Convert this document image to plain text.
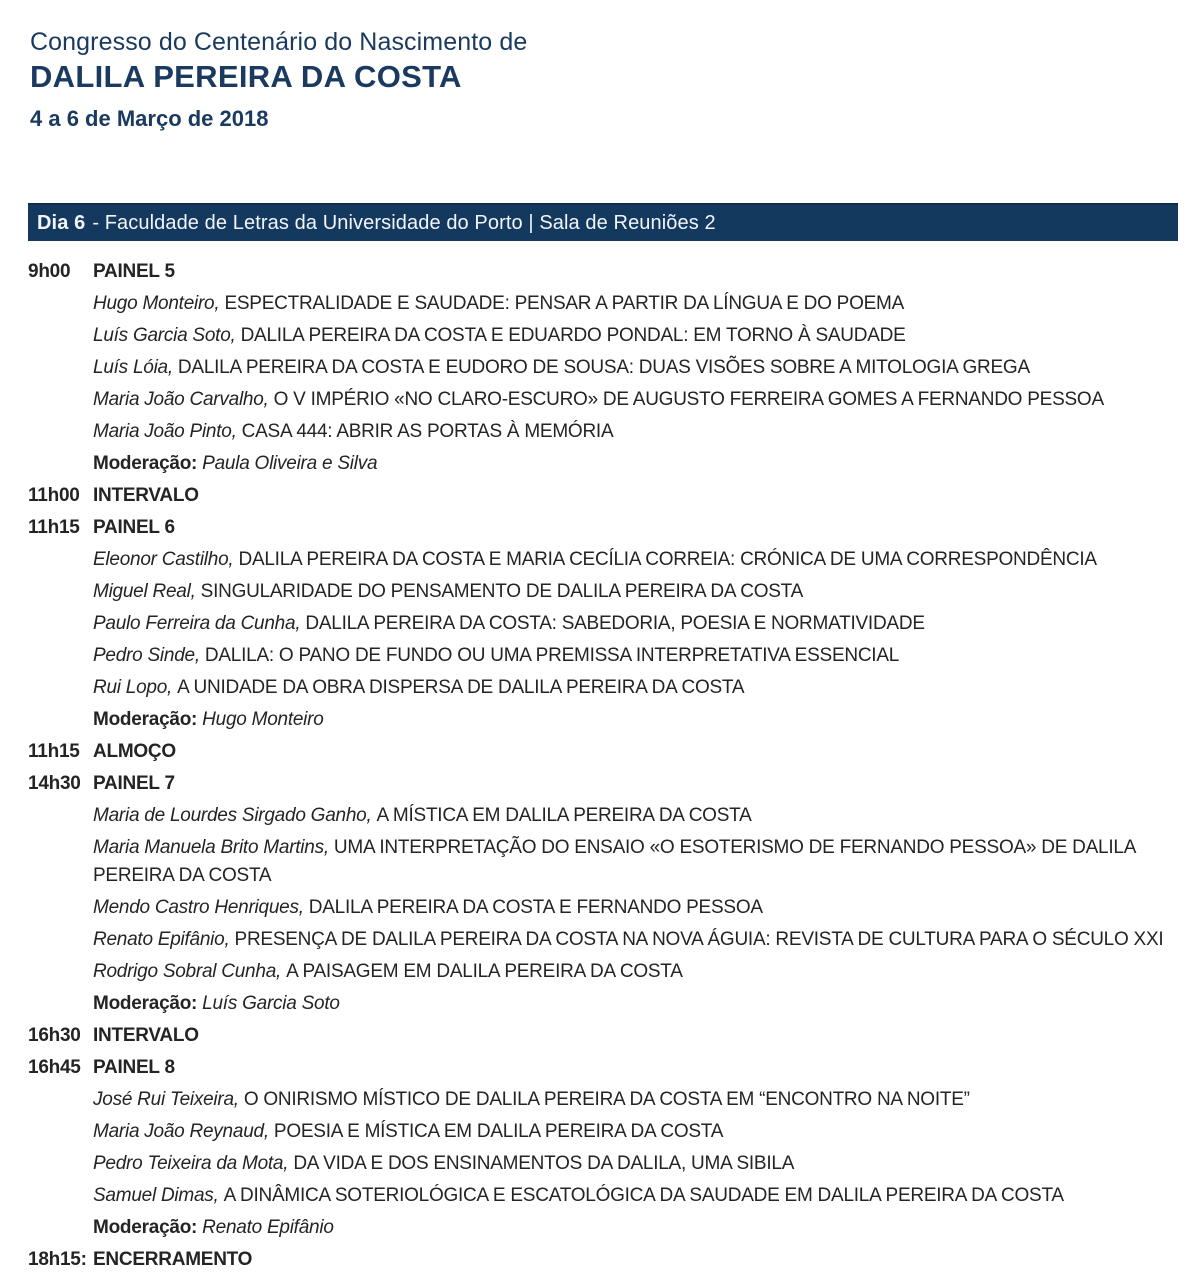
Congresso do Centenário do Nascimento de
DALILA PEREIRA DA COSTA
4 a 6 de Março de 2018
Dia 6 - Faculdade de Letras da Universidade do Porto | Sala de Reuniões 2
9h00	PAINEL 5
Hugo Monteiro, ESPECTRALIDADE E SAUDADE: PENSAR A PARTIR DA LÍNGUA E DO POEMA
Luís Garcia Soto, DALILA PEREIRA DA COSTA E EDUARDO PONDAL: EM TORNO À SAUDADE
Luís Lóia, DALILA PEREIRA DA COSTA E EUDORO DE SOUSA: DUAS VISÕES SOBRE A MITOLOGIA GREGA
Maria João Carvalho, O V IMPÉRIO «NO CLARO-ESCURO» DE AUGUSTO FERREIRA GOMES A FERNANDO PESSOA
Maria João Pinto, CASA 444: ABRIR AS PORTAS À MEMÓRIA
Moderação: Paula Oliveira e Silva
11h00 INTERVALO
11h15 PAINEL 6
Eleonor Castilho, DALILA PEREIRA DA COSTA E MARIA CECÍLIA CORREIA: CRÓNICA DE UMA CORRESPONDÊNCIA
Miguel Real, SINGULARIDADE DO PENSAMENTO DE DALILA PEREIRA DA COSTA
Paulo Ferreira da Cunha, DALILA PEREIRA DA COSTA: SABEDORIA, POESIA E NORMATIVIDADE
Pedro Sinde, DALILA: O PANO DE FUNDO OU UMA PREMISSA INTERPRETATIVA ESSENCIAL
Rui Lopo, A UNIDADE DA OBRA DISPERSA DE DALILA PEREIRA DA COSTA
Moderação: Hugo Monteiro
11h15 ALMOÇO
14h30 PAINEL 7
Maria de Lourdes Sirgado Ganho, A MÍSTICA EM DALILA PEREIRA DA COSTA
Maria Manuela Brito Martins, UMA INTERPRETAÇÃO DO ENSAIO «O ESOTERISMO DE FERNANDO PESSOA» DE DALILA PEREIRA DA COSTA
Mendo Castro Henriques, DALILA PEREIRA DA COSTA E FERNANDO PESSOA
Renato Epifânio, PRESENÇA DE DALILA PEREIRA DA COSTA NA NOVA ÁGUIA: REVISTA DE CULTURA PARA O SÉCULO XXI
Rodrigo Sobral Cunha, A PAISAGEM EM DALILA PEREIRA DA COSTA
Moderação: Luís Garcia Soto
16h30 INTERVALO
16h45 PAINEL 8
José Rui Teixeira, O ONIRISMO MÍSTICO DE DALILA PEREIRA DA COSTA EM “ENCONTRO NA NOITE”
Maria João Reynaud, POESIA E MÍSTICA EM DALILA PEREIRA DA COSTA
Pedro Teixeira da Mota, DA VIDA E DOS ENSINAMENTOS DA DALILA, UMA SIBILA
Samuel Dimas, A DINÂMICA SOTERIOLÓGICA E ESCATOLÓGICA DA SAUDADE EM DALILA PEREIRA DA COSTA
Moderação: Renato Epifânio
18h15: ENCERRAMENTO
